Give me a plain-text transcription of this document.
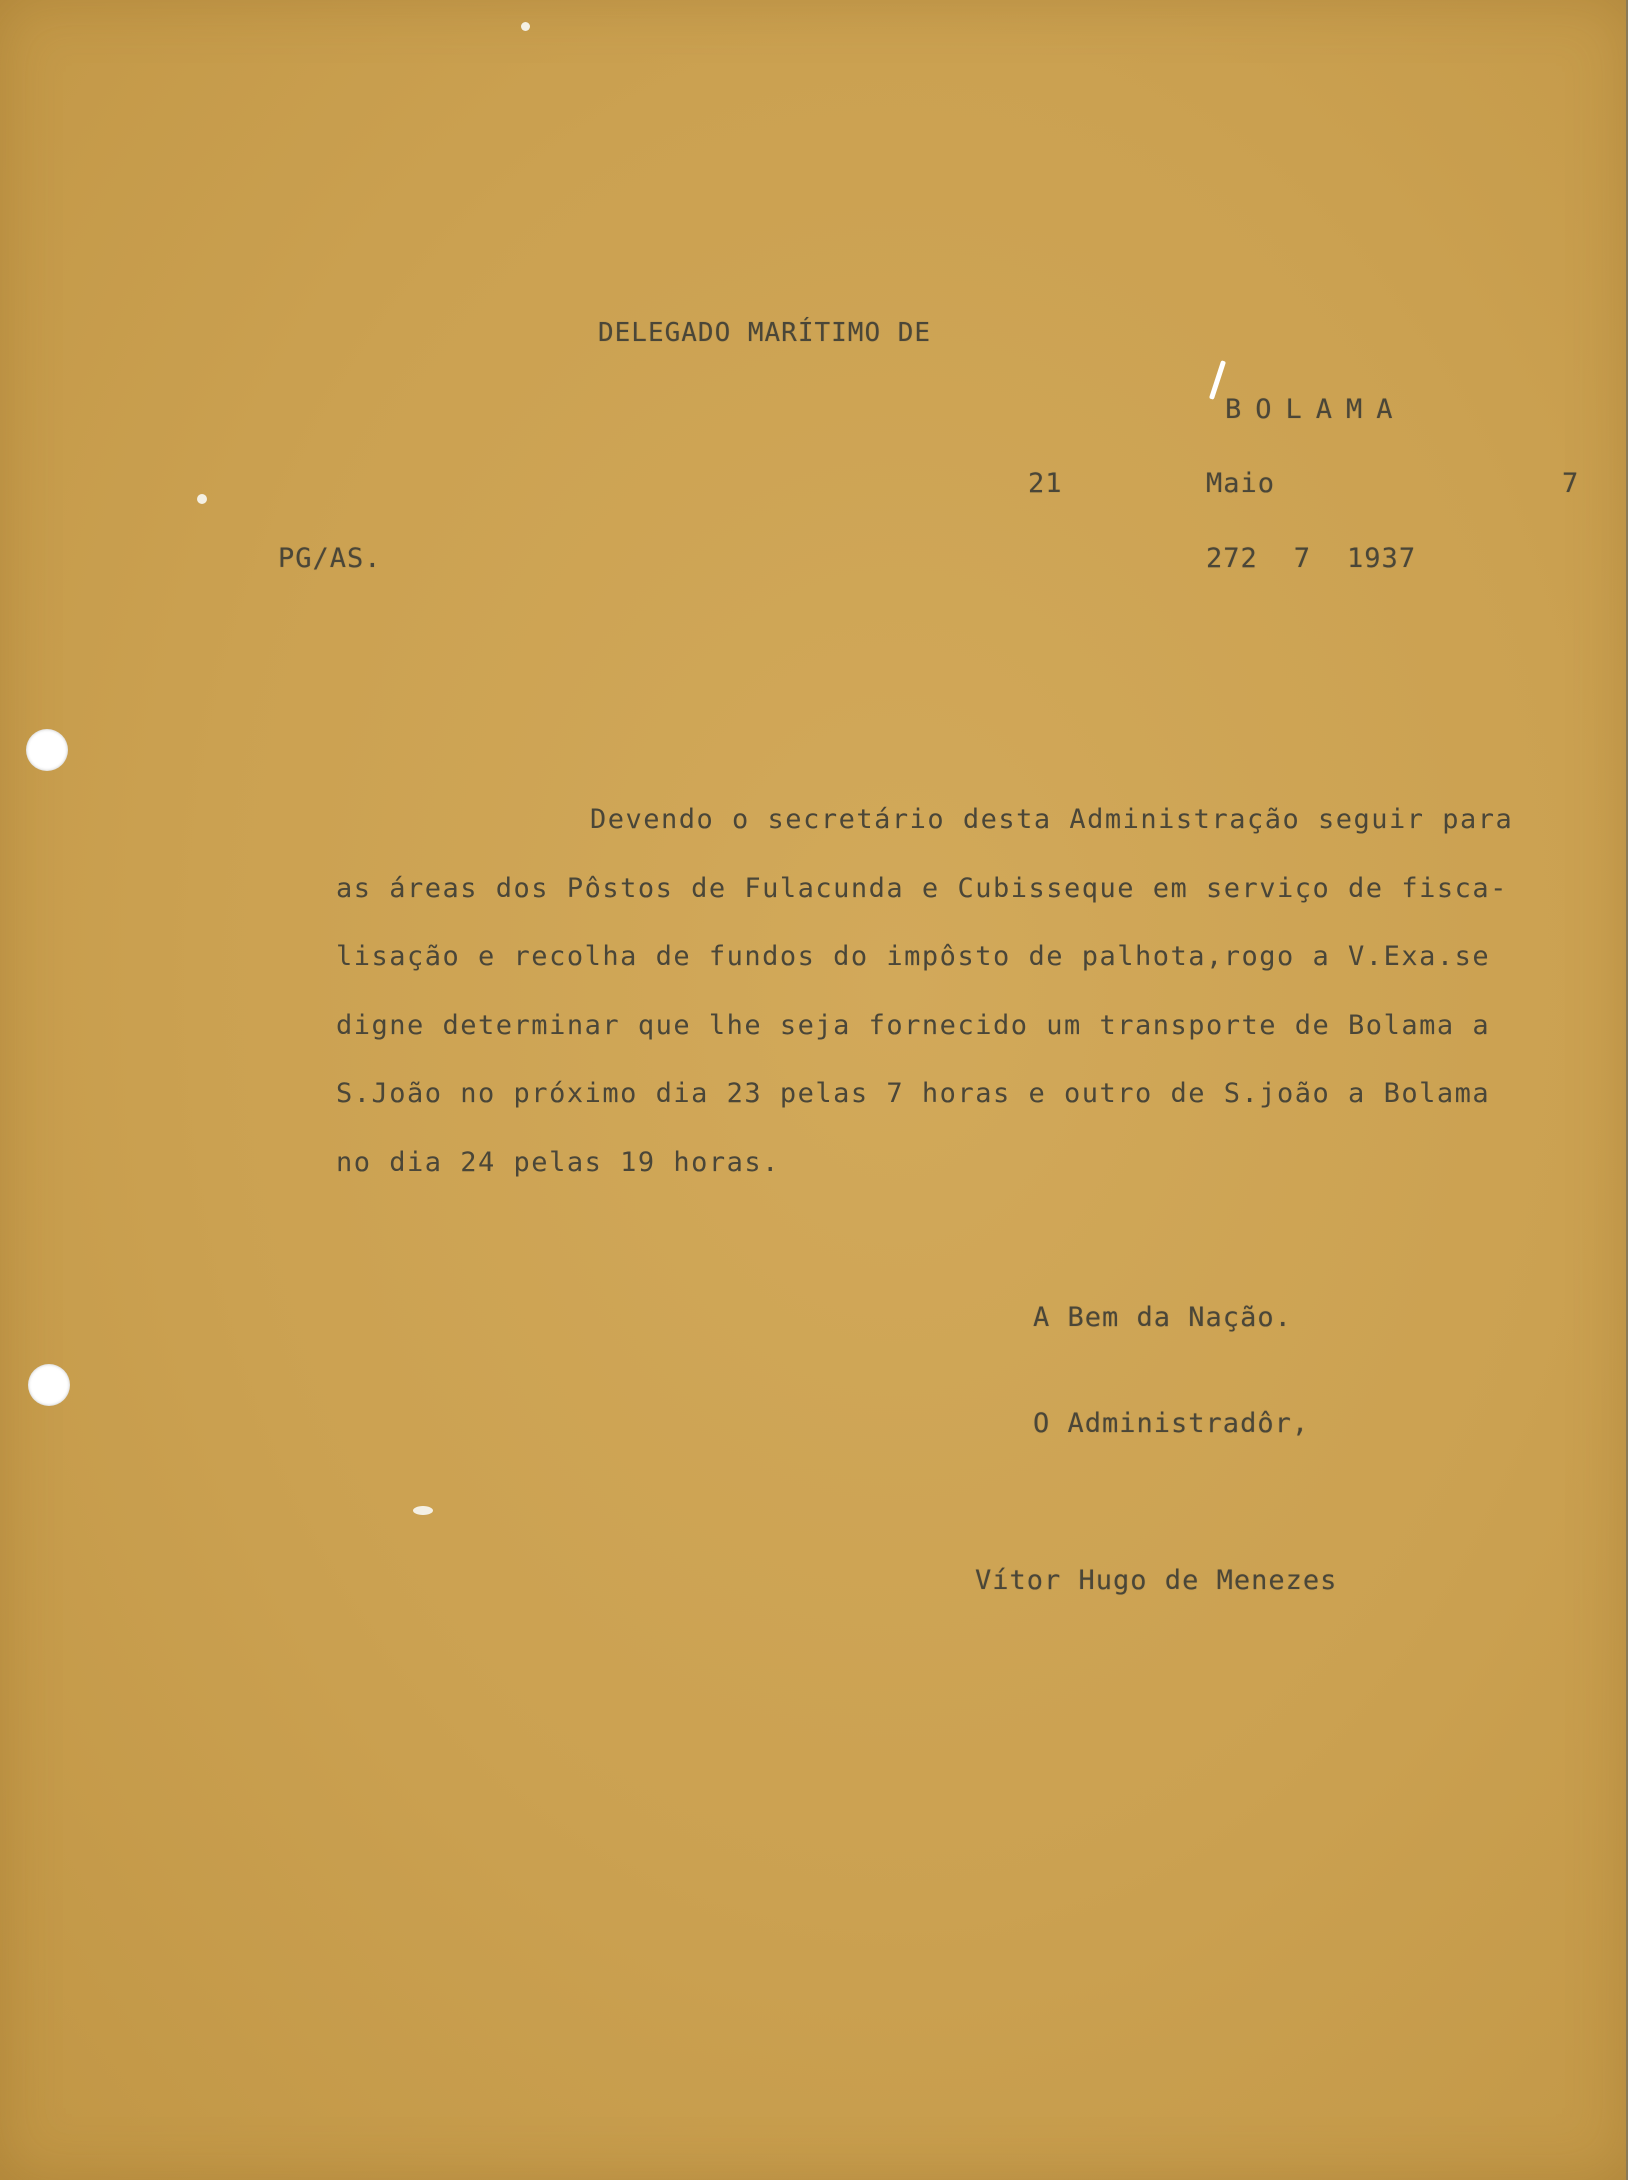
DELEGADO MARÍTIMO DE
BOLAMA
21	Maio	7
PG/AS.	272 7 1937
Devendo o secretário desta Administração seguir para
as áreas dos Pôstos de Fulacunda e Cubisseque em serviço de fisca-
lisação e recolha de fundos do impôsto de palhota,rogo a V.Exa.se
digne determinar que lhe seja fornecido um transporte de Bolama a
S.João no próximo dia 23 pelas 7 horas e outro de S.joão a Bolama
no dia 24 pelas 19 horas.
A Bem da Nação.
O Administradôr,
Vítor Hugo de Menezes
